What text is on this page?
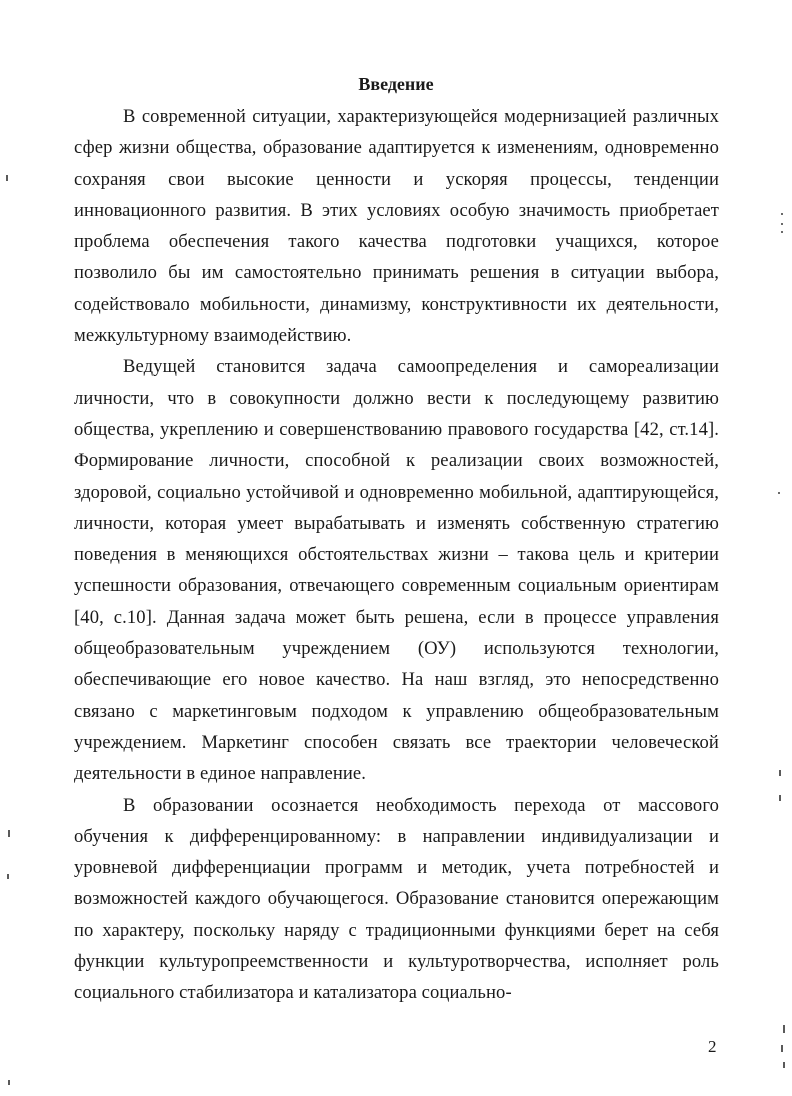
Введение

В современной ситуации, характеризующейся модернизацией различных сфер жизни общества, образование адаптируется к изменениям, одновременно сохраняя свои высокие ценности и ускоряя процессы, тенденции инновационного развития. В этих условиях особую значимость приобретает проблема обеспечения такого качества подготовки учащихся, которое позволило бы им самостоятельно принимать решения в ситуации выбора, содействовало мобильности, динамизму, конструктивности их деятельности, межкультурному взаимодействию.

Ведущей становится задача самоопределения и самореализации личности, что в совокупности должно вести к последующему развитию общества, укреплению и совершенствованию правового государства [42, ст.14]. Формирование личности, способной к реализации своих возможностей, здоровой, социально устойчивой и одновременно мобильной, адаптирующейся, личности, которая умеет вырабатывать и изменять собственную стратегию поведения в меняющихся обстоятельствах жизни – такова цель и критерии успешности образования, отвечающего современным социальным ориентирам [40, с.10]. Данная задача может быть решена, если в процессе управления общеобразовательным учреждением (ОУ) используются технологии, обеспечивающие его новое качество. На наш взгляд, это непосредственно связано с маркетинговым подходом к управлению общеобразовательным учреждением. Маркетинг способен связать все траектории человеческой деятельности в единое направление.

В образовании осознается необходимость перехода от массового обучения к дифференцированному: в направлении индивидуализации и уровневой дифференциации программ и методик, учета потребностей и возможностей каждого обучающегося. Образование становится опережающим по характеру, поскольку наряду с традиционными функциями берет на себя функции культуропреемственности и культуротворчества, исполняет роль социального стабилизатора и катализатора социально-

2
